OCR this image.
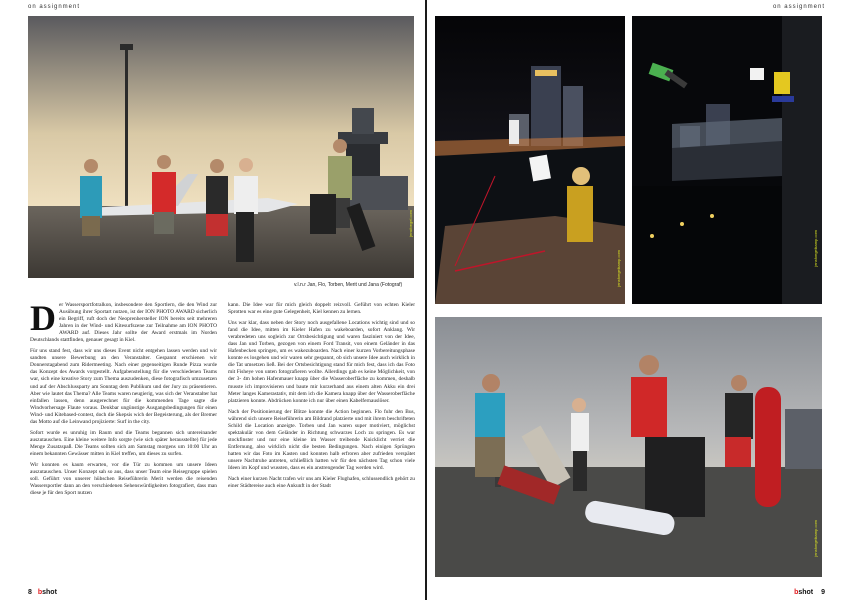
on assignment
jensfoegel.com
v.l.n.r Jan, Flo, Torben, Merit und Jana (Fotograf)

Der Wassersportfotralkon, insbesondere den Sportlern, die den Wind zur Ausübung ihrer Sportart nutzen, ist der ION PHOTO AWARD sicherlich ein Begriff, ruft doch der Neoprenhersteller ION bereits seit mehreren Jahren in der Wind- und Kitesurfszene zur Teilnahme am ION PHOTO AWARD auf. Dieses Jahr sollte der Award erstmals im Norden Deutschlands stattfinden, genauer gesagt in Kiel.

Für uns stand fest, dass wir uns dieses Event nicht entgehen lassen werden und wir sandten unsere Bewerbung an den Veranstalter. Gespannt erschienen wir Donnerstagabend zum Ridermeeting. Nach einer gegenseitigen Runde Pizza wurde das Konzept des Awards vorgestellt. Aufgabenstellung für die verschiedenen Teams war, sich eine kreative Story zum Thema auszudenken, diese fotografisch umzusetzen und auf der Abschlussparty am Sonntag dem Publikum und der Jury zu präsentieren. Aber wie lautet das Thema? Alle Teams waren neugierig, was sich der Veranstalter hat einfallen lassen, denn ausgerechnet für die kommenden Tage sagte die Windvorhersage Flaute voraus. Denkbar ungünstige Ausgangsbedingungen für einen Wind- und Kitebased-contest, doch die Skepsis wich der Begeisterung, als der Bremer das Motto auf die Leinwand projizierte: Surf in the city.

Sofort wurde es unruhig im Raum und die Teams begannen sich untereinander auszutauschen. Eine kleine weitere Info sorgte (wie sich später herausstellte) für jede Menge Zusatzspaß. Die Teams sollten sich am Samstag morgens um 10:00 Uhr an einem bekannten Gewässer mitten in Kiel treffen, um dieses zu surfen.

Wir konnten es kaum erwarten, vor die Tür zu kommen um unsere Ideen auszutauschen. Unser Konzept sah so aus, dass unser Team eine Reisegruppe spielen soll. Geführt von unserer hübschen Reiseführerin Merit werden die reisenden Wassersportler dann an den verschiedenen Sehenswürdigkeiten fotografiert, dass man diese je für den Sport nutzen

kann. Die Idee war für mich gleich doppelt reizvoll. Geführt von echten Kieler Sprotten war es eine gute Gelegenheit, Kiel kennen zu lernen.

Uns war klar, dass neben der Story noch ausgefallene Locations wichtig sind und so fand die Idee, mitten im Kieler Hafen zu wakeboarden, sofort Anklang. Wir verabredeten uns sogleich zur Ortsbesichtigung und waren fasziniert von der Idee, dass Jan und Torben, gezogen von einem Ford Transit, von einem Geländer in das Hafenbecken springen, um es wakezuboarden. Nach einer kurzen Vorbereitungsphase konnte es losgehen und wir waren sehr gespannt, ob sich unsere Idee auch wirklich in die Tat umsetzen ließ. Bei der Ortsbesichtigung stand für mich fest, dass ich das Foto mit Fisheye von unten fotografieren wollte. Allerdings gab es keine Möglichkeit, von der 3- 4m hohen Hafenmauer knapp über die Wasseroberfläche zu kommen, deshalb musste ich improvisieren und baute mir kurzerhand aus einem alten Akku ein drei Meter langes Kamerastativ, mit dem ich die Kamera knapp über der Wasseroberfläche platzieren konnte. Abdrücken konnte ich nur über einen Kabelfernauslöser.

Nach der Positionierung der Blitze konnte die Action beginnen. Flo fuhr den Bus, während sich unsere Reiseführerin am Bildrand platzierte und mit ihrem beschrifteten Schild die Location anzeigte. Torben und Jan waren super motiviert, möglichst spektakulär von dem Geländer in Richtung schwarzes Loch zu springen. Es war stockfinster und nur eine kleine im Wasser treibende Knicklicht verriet die Entfernung, also wirklich nicht die besten Bedingungen. Nach einigen Sprüngen hatten wir das Foto im Kasten und konnten halb erfroren aber zufrieden verspätet unsere Nachtruhe antreten, schließlich hatten wir für den nächsten Tag schon viele Ideen im Kopf und wussten, dass es ein anstrengender Tag werden wird.

Nach einer kurzen Nacht trafen wir uns am Kieler Flughafen, schlussendlich gehört zu einer Städtereise auch eine Ankunft in der Stadt

8 bshot
on assignment
jensfoegelkamp.com
jensfoegelkamp.com
jensfoegelkamp.com
bshot 9
